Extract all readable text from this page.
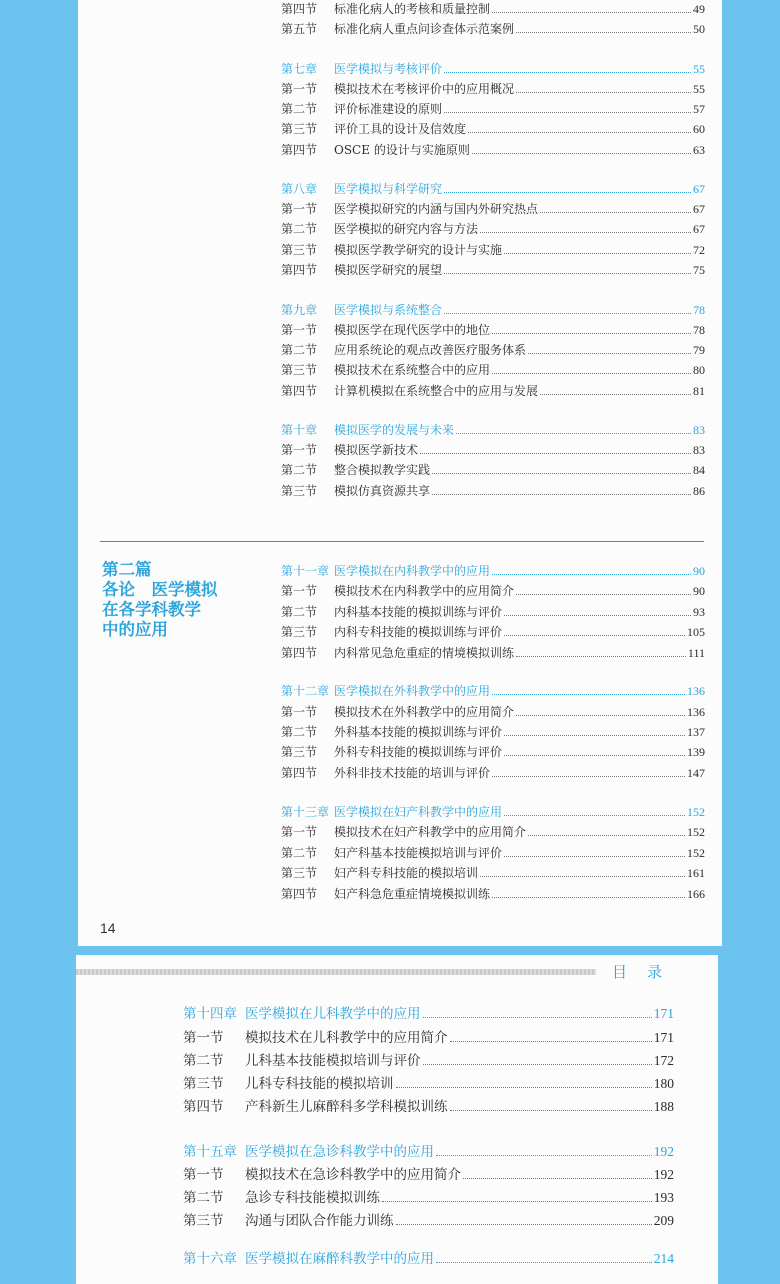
第四节	标准化病人的考核和质量控制	49
第五节	标准化病人重点问诊查体示范案例	50
第七章	医学模拟与考核评价	55
第一节	模拟技术在考核评价中的应用概况	55
第二节	评价标准建设的原则	57
第三节	评价工具的设计及信效度	60
第四节	OSCE 的设计与实施原则	63
第八章	医学模拟与科学研究	67
第一节	医学模拟研究的内涵与国内外研究热点	67
第二节	医学模拟的研究内容与方法	67
第三节	模拟医学教学研究的设计与实施	72
第四节	模拟医学研究的展望	75
第九章	医学模拟与系统整合	78
第一节	模拟医学在现代医学中的地位	78
第二节	应用系统论的观点改善医疗服务体系	79
第三节	模拟技术在系统整合中的应用	80
第四节	计算机模拟在系统整合中的应用与发展	81
第十章	模拟医学的发展与未来	83
第一节	模拟医学新技术	83
第二节	整合模拟教学实践	84
第三节	模拟仿真资源共享	86
第十一章 医学模拟在内科教学中的应用	90
第一节	模拟技术在内科教学中的应用简介	90
第二节	内科基本技能的模拟训练与评价	93
第三节	内科专科技能的模拟训练与评价	105
第四节	内科常见急危重症的情境模拟训练	111
第十二章 医学模拟在外科教学中的应用	136
第一节	模拟技术在外科教学中的应用简介	136
第二节	外科基本技能的模拟训练与评价	137
第三节	外科专科技能的模拟训练与评价	139
第四节	外科非技术技能的培训与评价	147
第十三章 医学模拟在妇产科教学中的应用	152
第一节	模拟技术在妇产科教学中的应用简介	152
第二节	妇产科基本技能模拟培训与评价	152
第三节	妇产科专科技能的模拟培训	161
第四节	妇产科急危重症情境模拟训练	166
第二篇
各论　医学模拟
在各学科教学
中的应用
14
目录
第十四章 医学模拟在儿科教学中的应用	171
第一节	模拟技术在儿科教学中的应用简介	171
第二节	儿科基本技能模拟培训与评价	172
第三节	儿科专科技能的模拟培训	180
第四节	产科新生儿麻醉科多学科模拟训练	188
第十五章 医学模拟在急诊科教学中的应用	192
第一节	模拟技术在急诊科教学中的应用简介	192
第二节	急诊专科技能模拟训练	193
第三节	沟通与团队合作能力训练	209
第十六章 医学模拟在麻醉科教学中的应用	214
